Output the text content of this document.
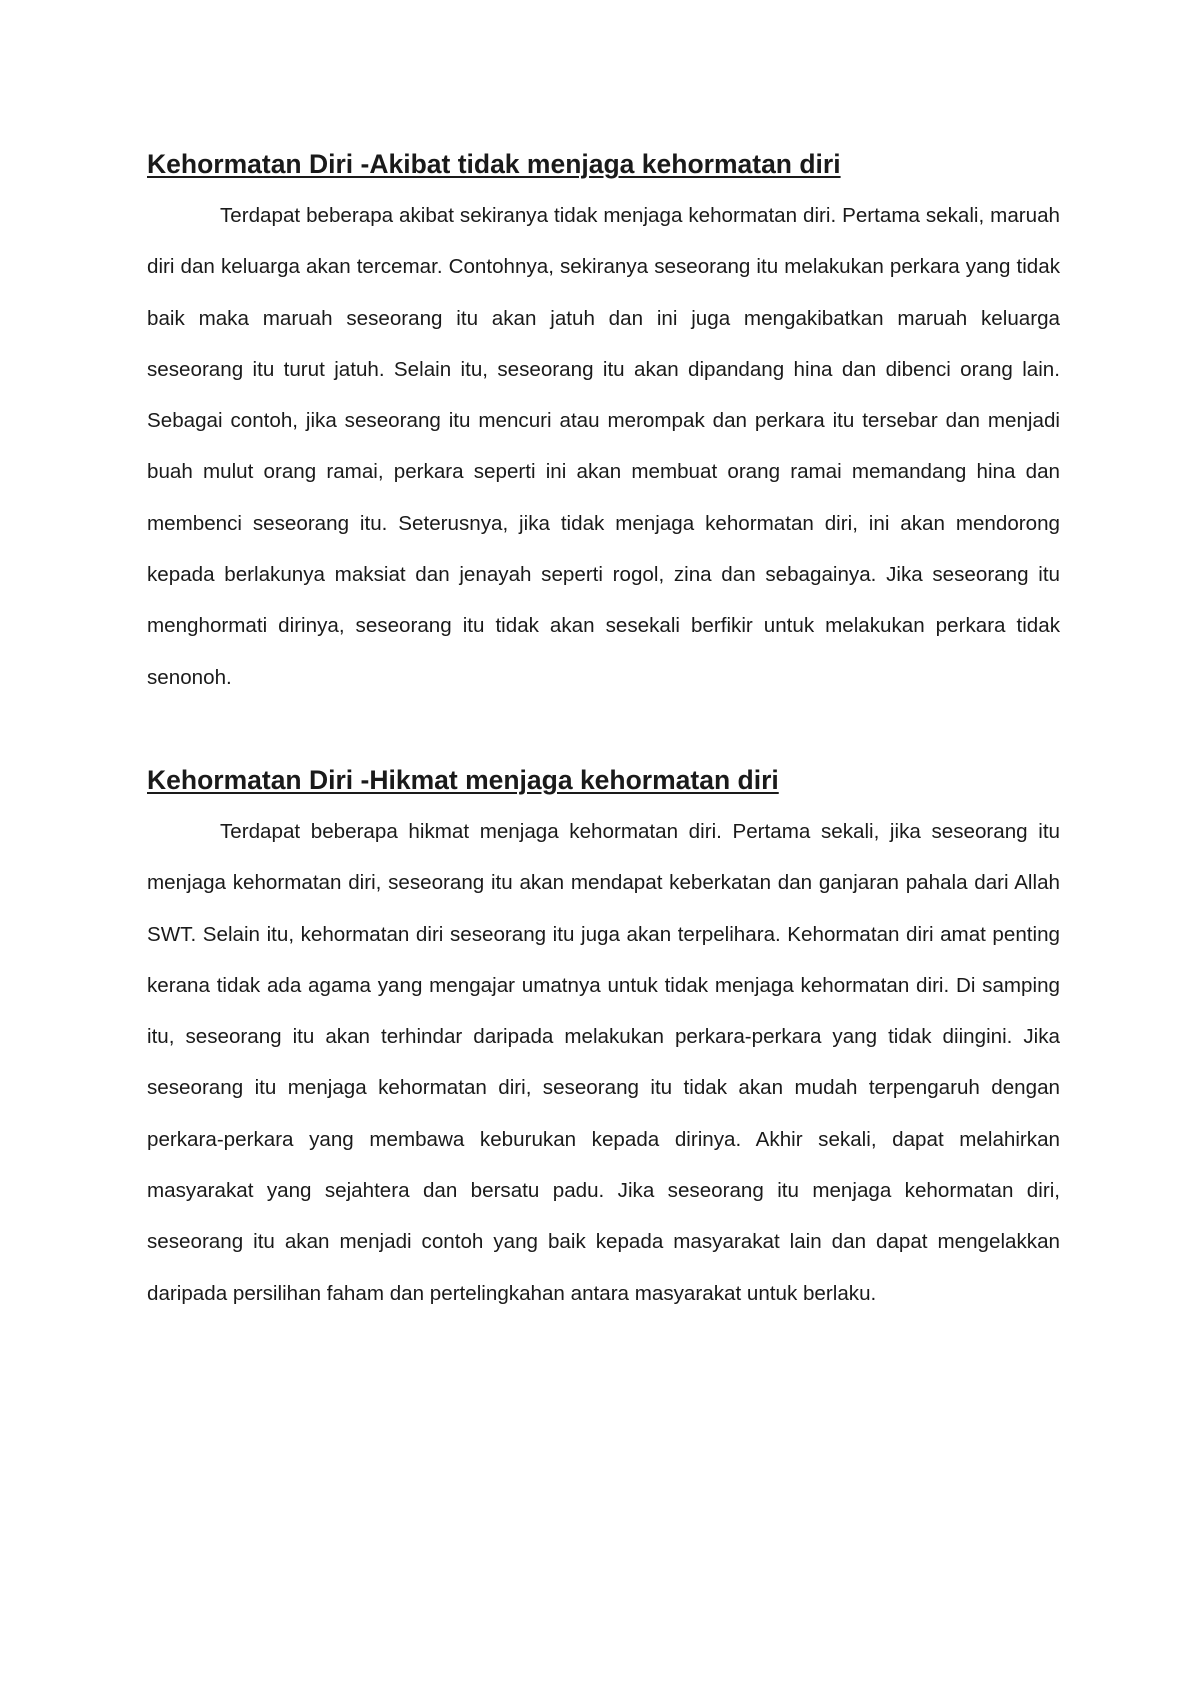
Kehormatan Diri -Akibat tidak menjaga kehormatan diri

Terdapat beberapa akibat sekiranya tidak menjaga kehormatan diri. Pertama sekali, maruah diri dan keluarga akan tercemar. Contohnya, sekiranya seseorang itu melakukan perkara yang tidak baik maka maruah seseorang itu akan jatuh dan ini juga mengakibatkan maruah keluarga seseorang itu turut jatuh. Selain itu, seseorang itu akan dipandang hina dan dibenci orang lain. Sebagai contoh, jika seseorang itu mencuri atau merompak dan perkara itu tersebar dan menjadi buah mulut orang ramai, perkara seperti ini akan membuat orang ramai memandang hina dan membenci seseorang itu. Seterusnya, jika tidak menjaga kehormatan diri, ini akan mendorong kepada berlakunya maksiat dan jenayah seperti rogol, zina dan sebagainya. Jika seseorang itu menghormati dirinya, seseorang itu tidak akan sesekali berfikir untuk melakukan perkara tidak senonoh.

Kehormatan Diri -Hikmat menjaga kehormatan diri

Terdapat beberapa hikmat menjaga kehormatan diri. Pertama sekali, jika seseorang itu menjaga kehormatan diri, seseorang itu akan mendapat keberkatan dan ganjaran pahala dari Allah SWT. Selain itu, kehormatan diri seseorang itu juga akan terpelihara. Kehormatan diri amat penting kerana tidak ada agama yang mengajar umatnya untuk tidak menjaga kehormatan diri. Di samping itu, seseorang itu akan terhindar daripada melakukan perkara-perkara yang tidak diingini. Jika seseorang itu menjaga kehormatan diri, seseorang itu tidak akan mudah terpengaruh dengan perkara-perkara yang membawa keburukan kepada dirinya. Akhir sekali, dapat melahirkan masyarakat yang sejahtera dan bersatu padu. Jika seseorang itu menjaga kehormatan diri, seseorang itu akan menjadi contoh yang baik kepada masyarakat lain dan dapat mengelakkan daripada persilihan faham dan pertelingkahan antara masyarakat untuk berlaku.
